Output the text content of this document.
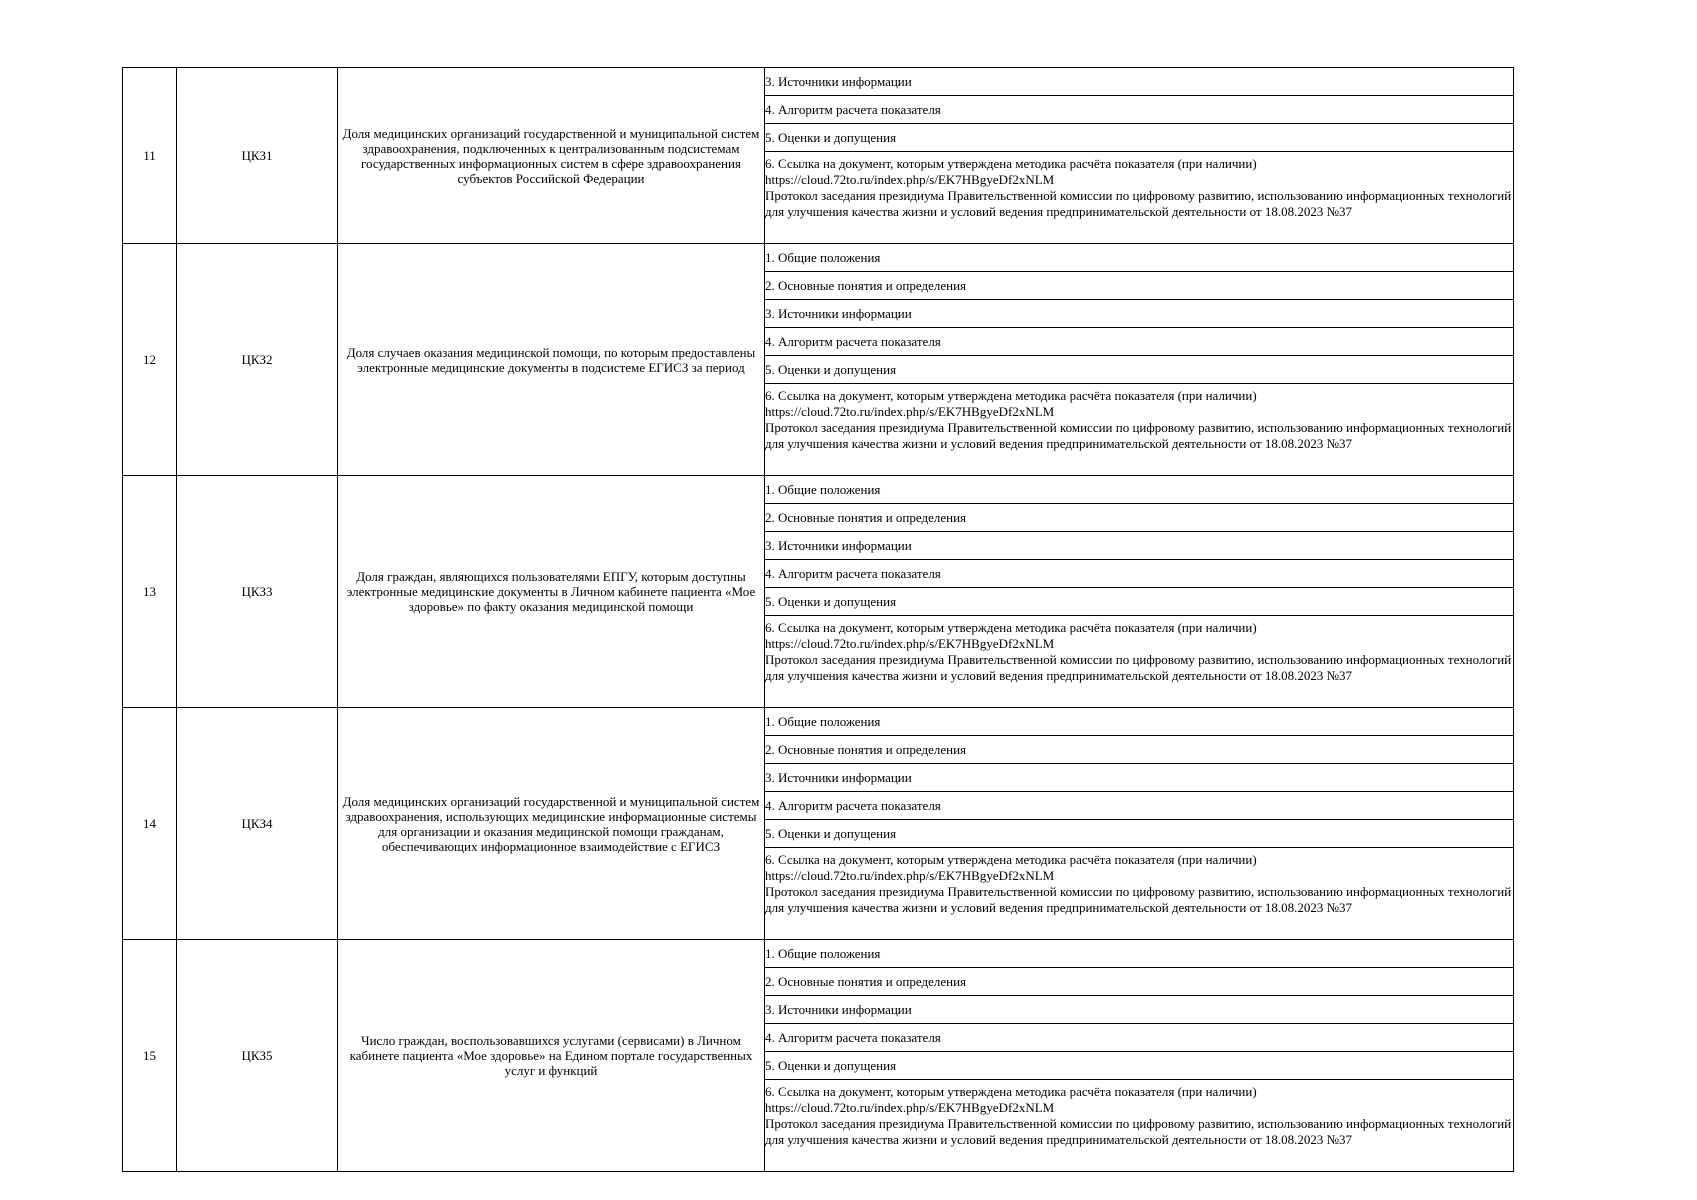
11	ЦКЗ1	Доля медицинских организаций государственной и муниципальной систем здравоохранения, подключенных к централизованным подсистемам государственных информационных систем в сфере здравоохранения субъектов Российской Федерации	3. Источники информации
			4. Алгоритм расчета показателя
			5. Оценки и допущения

			6. Ссылка на документ, которым утверждена методика расчёта показателя (при наличии)
https://cloud.72to.ru/index.php/s/EK7HBgyeDf2xNLM
Протокол заседания президиума Правительственной комиссии по цифровому развитию, использованию информационных технологий для улучшения качества жизни и условий ведения предпринимательской деятельности от 18.08.2023 №37

12	ЦКЗ2	Доля случаев оказания медицинской помощи, по которым предоставлены электронные медицинские документы в подсистеме ЕГИСЗ за период	1. Общие положения
			2. Основные понятия и определения
			3. Источники информации
			4. Алгоритм расчета показателя
			5. Оценки и допущения

			6. Ссылка на документ, которым утверждена методика расчёта показателя (при наличии)
https://cloud.72to.ru/index.php/s/EK7HBgyeDf2xNLM
Протокол заседания президиума Правительственной комиссии по цифровому развитию, использованию информационных технологий для улучшения качества жизни и условий ведения предпринимательской деятельности от 18.08.2023 №37

13	ЦКЗ3	Доля граждан, являющихся пользователями ЕПГУ, которым доступны электронные медицинские документы в Личном кабинете пациента «Мое здоровье» по факту оказания медицинской помощи	1. Общие положения
			2. Основные понятия и определения
			3. Источники информации
			4. Алгоритм расчета показателя
			5. Оценки и допущения

			6. Ссылка на документ, которым утверждена методика расчёта показателя (при наличии)
https://cloud.72to.ru/index.php/s/EK7HBgyeDf2xNLM
Протокол заседания президиума Правительственной комиссии по цифровому развитию, использованию информационных технологий для улучшения качества жизни и условий ведения предпринимательской деятельности от 18.08.2023 №37

14	ЦКЗ4	Доля медицинских организаций государственной и муниципальной систем здравоохранения, использующих медицинские информационные системы для организации и оказания медицинской помощи гражданам, обеспечивающих информационное взаимодействие с ЕГИСЗ	1. Общие положения
			2. Основные понятия и определения
			3. Источники информации
			4. Алгоритм расчета показателя
			5. Оценки и допущения

			6. Ссылка на документ, которым утверждена методика расчёта показателя (при наличии)
https://cloud.72to.ru/index.php/s/EK7HBgyeDf2xNLM
Протокол заседания президиума Правительственной комиссии по цифровому развитию, использованию информационных технологий для улучшения качества жизни и условий ведения предпринимательской деятельности от 18.08.2023 №37

15	ЦКЗ5	Число граждан, воспользовавшихся услугами (сервисами) в Личном кабинете пациента «Мое здоровье» на Едином портале государственных услуг и функций	1. Общие положения
			2. Основные понятия и определения
			3. Источники информации
			4. Алгоритм расчета показателя
			5. Оценки и допущения

			6. Ссылка на документ, которым утверждена методика расчёта показателя (при наличии)
https://cloud.72to.ru/index.php/s/EK7HBgyeDf2xNLM
Протокол заседания президиума Правительственной комиссии по цифровому развитию, использованию информационных технологий для улучшения качества жизни и условий ведения предпринимательской деятельности от 18.08.2023 №37
